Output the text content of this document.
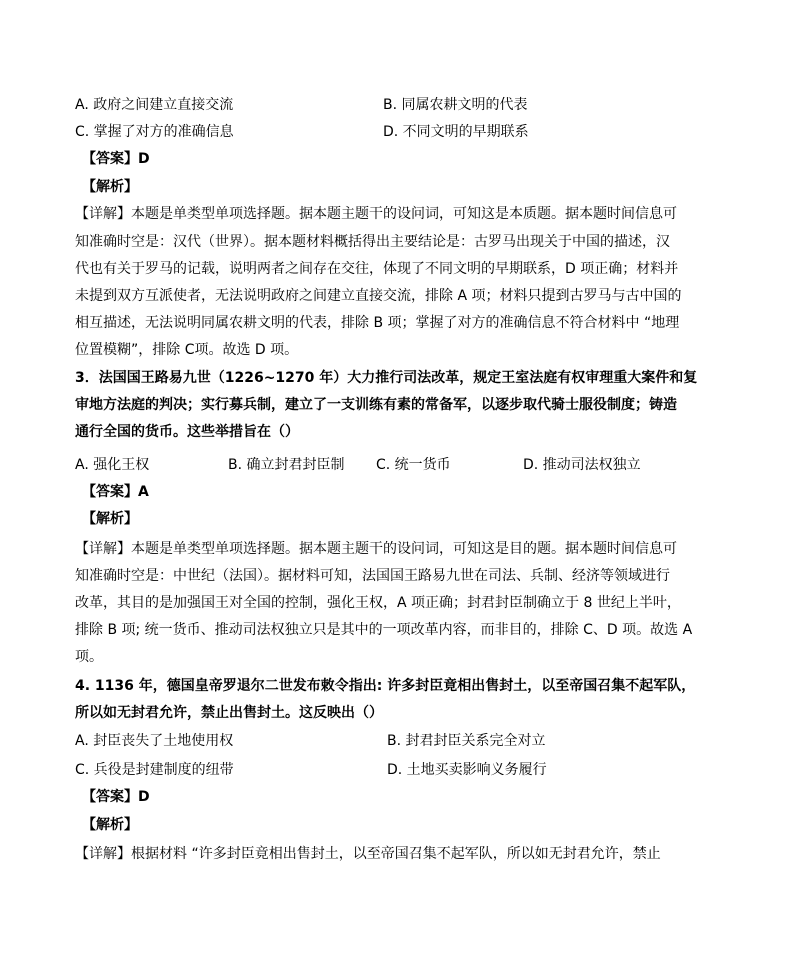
A. 政府之间建立直接交流	B. 同属农耕文明的代表
C. 掌握了对方的准确信息	D. 不同文明的早期联系
【答案】D
【解析】
【详解】本题是单类型单项选择题。据本题主题干的设问词，可知这是本质题。据本题时间信息可
知准确时空是：汉代（世界）。据本题材料概括得出主要结论是：古罗马出现关于中国的描述，汉
代也有关于罗马的记载，说明两者之间存在交往，体现了不同文明的早期联系，D 项正确；材料并
未提到双方互派使者，无法说明政府之间建立直接交流，排除 A 项；材料只提到古罗马与古中国的
相互描述，无法说明同属农耕文明的代表，排除 B 项；掌握了对方的准确信息不符合材料中 “地理
位置模糊”，排除 C项。故选 D 项。
3．法国国王路易九世（1226~1270 年）大力推行司法改革，规定王室法庭有权审理重大案件和复
审地方法庭的判决；实行募兵制，建立了一支训练有素的常备军，以逐步取代骑士服役制度；铸造
通行全国的货币。这些举措旨在（）
A. 强化王权	B. 确立封君封臣制 C. 统一货币	D. 推动司法权独立
【答案】A
【解析】
【详解】本题是单类型单项选择题。据本题主题干的设问词，可知这是目的题。据本题时间信息可
知准确时空是：中世纪（法国）。据材料可知，法国国王路易九世在司法、兵制、经济等领域进行
改革，其目的是加强国王对全国的控制，强化王权，A 项正确；封君封臣制确立于 8 世纪上半叶，
排除 B 项; 统一货币、推动司法权独立只是其中的一项改革内容，而非目的，排除 C、D 项。故选 A
项。
4. 1136 年，德国皇帝罗退尔二世发布敕令指出: 许多封臣竟相出售封土，以至帝国召集不起军队，
所以如无封君允许，禁止出售封土。这反映出（）
A. 封臣丧失了土地使用权	B. 封君封臣关系完全对立
C. 兵役是封建制度的纽带	D. 土地买卖影响义务履行
【答案】D
【解析】
【详解】根据材料 “许多封臣竟相出售封土，以至帝国召集不起军队，所以如无封君允许，禁止
